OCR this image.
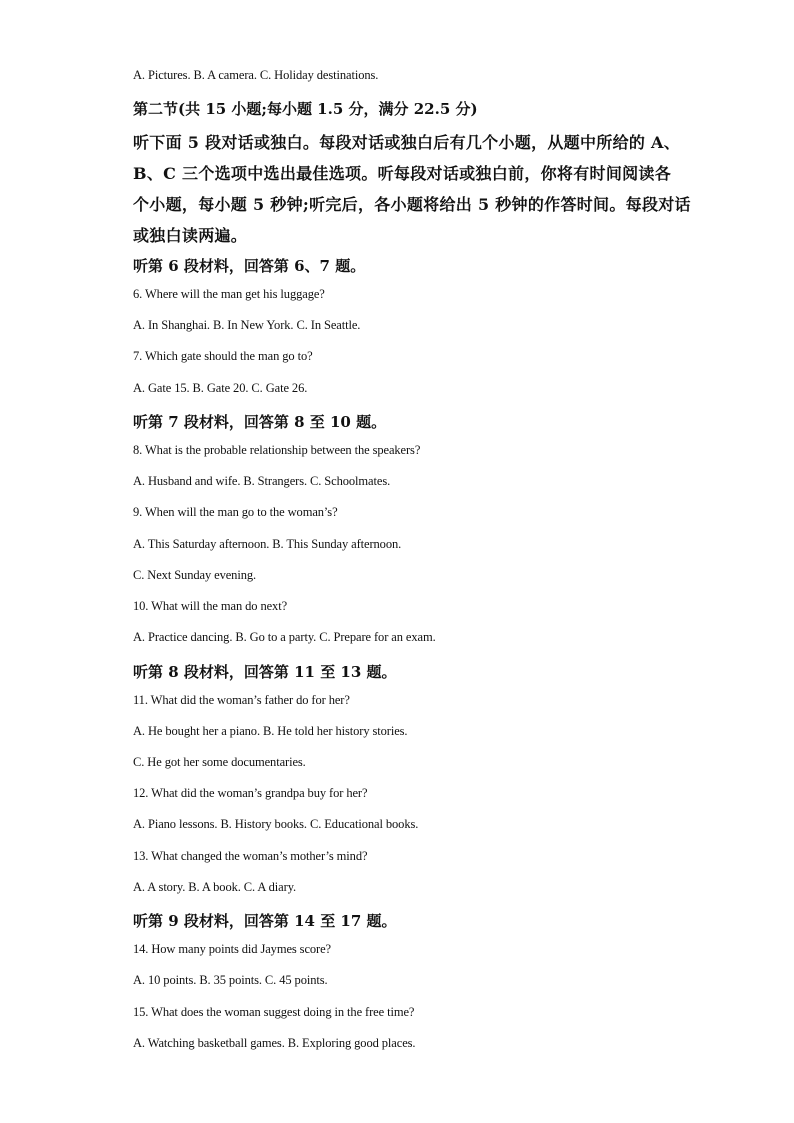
A. Pictures. B. A camera. C. Holiday destinations.
第二节(共 15 小题;每小题 1.5 分，满分 22.5 分)
听下面 5 段对话或独白。每段对话或独白后有几个小题，从题中所给的 A、
B、C 三个选项中选出最佳选项。听每段对话或独白前，你将有时间阅读各
个小题，每小题 5 秒钟;听完后，各小题将给出 5 秒钟的作答时间。每段对话
或独白读两遍。
听第 6 段材料，回答第 6、7 题。
6. Where will the man get his luggage?
A. In Shanghai. B. In New York. C. In Seattle.
7. Which gate should the man go to?
A. Gate 15. B. Gate 20. C. Gate 26.
听第 7 段材料，回答第 8 至 10 题。
8. What is the probable relationship between the speakers?
A. Husband and wife. B. Strangers. C. Schoolmates.
9. When will the man go to the woman’s?
A. This Saturday afternoon. B. This Sunday afternoon.
C. Next Sunday evening.
10. What will the man do next?
A. Practice dancing. B. Go to a party. C. Prepare for an exam.
听第 8 段材料，回答第 11 至 13 题。
11. What did the woman’s father do for her?
A. He bought her a piano. B. He told her history stories.
C. He got her some documentaries.
12. What did the woman’s grandpa buy for her?
A. Piano lessons. B. History books. C. Educational books.
13. What changed the woman’s mother’s mind?
A. A story. B. A book. C. A diary.
听第 9 段材料，回答第 14 至 17 题。
14. How many points did Jaymes score?
A. 10 points. B. 35 points. C. 45 points.
15. What does the woman suggest doing in the free time?
A. Watching basketball games. B. Exploring good places.
